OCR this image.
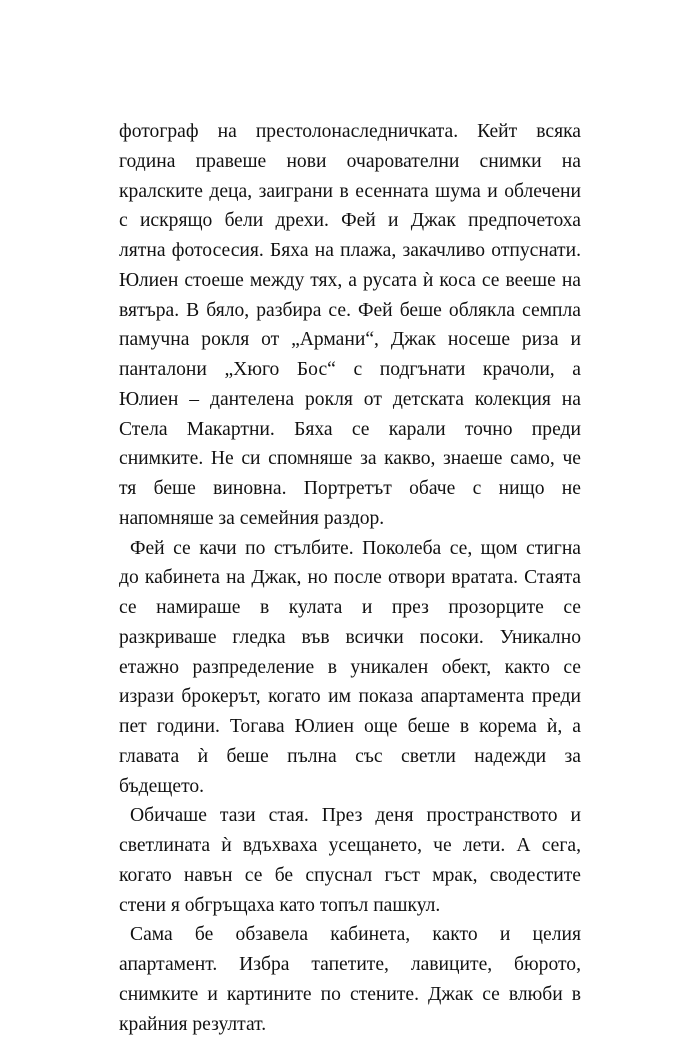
фотограф на престолонаследничката. Кейт всяка
година правеше нови очарователни снимки на
кралските деца, заиграни в есенната шума и облечени
с искрящо бели дрехи. Фей и Джак предпочетоха
лятна фотосесия. Бяха на плажа, закачливо отпуснати.
Юлиен стоеше между тях, а русата ѝ коса се вееше на
вятъра. В бяло, разбира се. Фей беше облякла семпла
памучна рокля от „Армани“, Джак носеше риза и
панталони „Хюго Бос“ с подгънати крачоли, а
Юлиен – дантелена рокля от детската колекция на
Стела Макартни. Бяха се карали точно преди
снимките. Не си спомняше за какво, знаеше само, че
тя беше виновна. Портретът обаче с нищо не
напомняше за семейния раздор.
Фей се качи по стълбите. Поколеба се, щом стигна
до кабинета на Джак, но после отвори вратата. Стаята
се намираше в кулата и през прозорците се
разкриваше гледка във всички посоки. Уникално
етажно разпределение в уникален обект, както се
изрази брокерът, когато им показа апартамента преди
пет години. Тогава Юлиен още беше в корема ѝ, а
главата ѝ беше пълна със светли надежди за
бъдещето.
Обичаше тази стая. През деня пространството и
светлината ѝ вдъхваха усещането, че лети. А сега,
когато навън се бе спуснал гъст мрак, сводестите
стени я обгръщаха като топъл пашкул.
Сама бе обзавела кабинета, както и целия
апартамент. Избра тапетите, лавиците, бюрото,
снимките и картините по стените. Джак се влюби в
крайния резултат.
